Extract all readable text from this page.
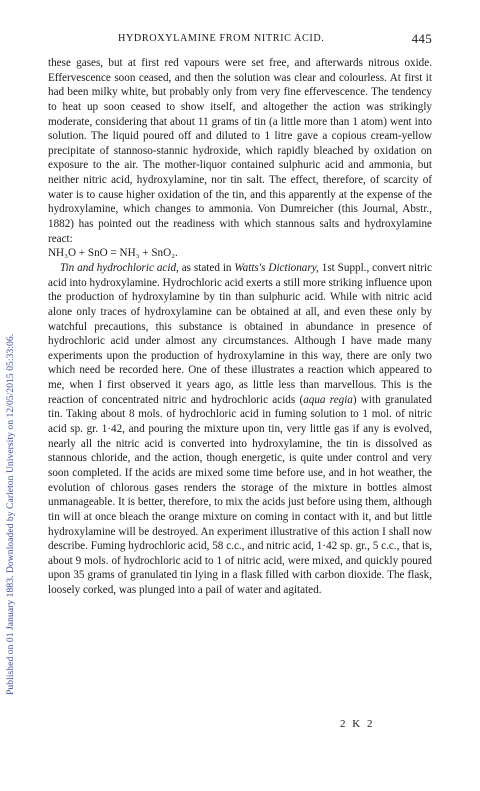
Published on 01 January 1883. Downloaded by Carleton University on 12/05/2015 05:33:06.
HYDROXYLAMINE FROM NITRIC ACID.	445

these gases, but at first red vapours were set free, and afterwards nitrous oxide. Effervescence soon ceased, and then the solution was clear and colourless. At first it had been milky white, but probably only from very fine effervescence. The tendency to heat up soon ceased to show itself, and altogether the action was strikingly moderate, considering that about 11 grams of tin (a little more than 1 atom) went into solution. The liquid poured off and diluted to 1 litre gave a copious cream-yellow precipitate of stannoso-stannic hydroxide, which rapidly bleached by oxidation on exposure to the air. The mother-liquor contained sulphuric acid and ammonia, but neither nitric acid, hydroxylamine, nor tin salt. The effect, therefore, of scarcity of water is to cause higher oxidation of the tin, and this apparently at the expense of the hydroxylamine, which changes to ammonia. Von Dumreicher (this Journal, Abstr., 1882) has pointed out the readiness with which stannous salts and hydroxylamine react:

NH₃O + SnO = NH₃ + SnO₂.

Tin and hydrochloric acid, as stated in Watts's Dictionary, 1st Suppl., convert nitric acid into hydroxylamine. Hydrochloric acid exerts a still more striking influence upon the production of hydroxylamine by tin than sulphuric acid. While with nitric acid alone only traces of hydroxylamine can be obtained at all, and even these only by watchful precautions, this substance is obtained in abundance in presence of hydrochloric acid under almost any circumstances. Although I have made many experiments upon the production of hydroxylamine in this way, there are only two which need be recorded here. One of these illustrates a reaction which appeared to me, when I first observed it years ago, as little less than marvellous. This is the reaction of concentrated nitric and hydrochloric acids (aqua regia) with granulated tin. Taking about 8 mols. of hydrochloric acid in fuming solution to 1 mol. of nitric acid sp. gr. 1·42, and pouring the mixture upon tin, very little gas if any is evolved, nearly all the nitric acid is converted into hydroxylamine, the tin is dissolved as stannous chloride, and the action, though energetic, is quite under control and very soon completed. If the acids are mixed some time before use, and in hot weather, the evolution of chlorous gases renders the storage of the mixture in bottles almost unmanageable. It is better, therefore, to mix the acids just before using them, although tin will at once bleach the orange mixture on coming in contact with it, and but little hydroxylamine will be destroyed. An experiment illustrative of this action I shall now describe. Fuming hydrochloric acid, 58 c.c., and nitric acid, 1·42 sp. gr., 5 c.c., that is, about 9 mols. of hydrochloric acid to 1 of nitric acid, were mixed, and quickly poured upon 35 grams of granulated tin lying in a flask filled with carbon dioxide. The flask, loosely corked, was plunged into a pail of water and agitated.

2 K 2
